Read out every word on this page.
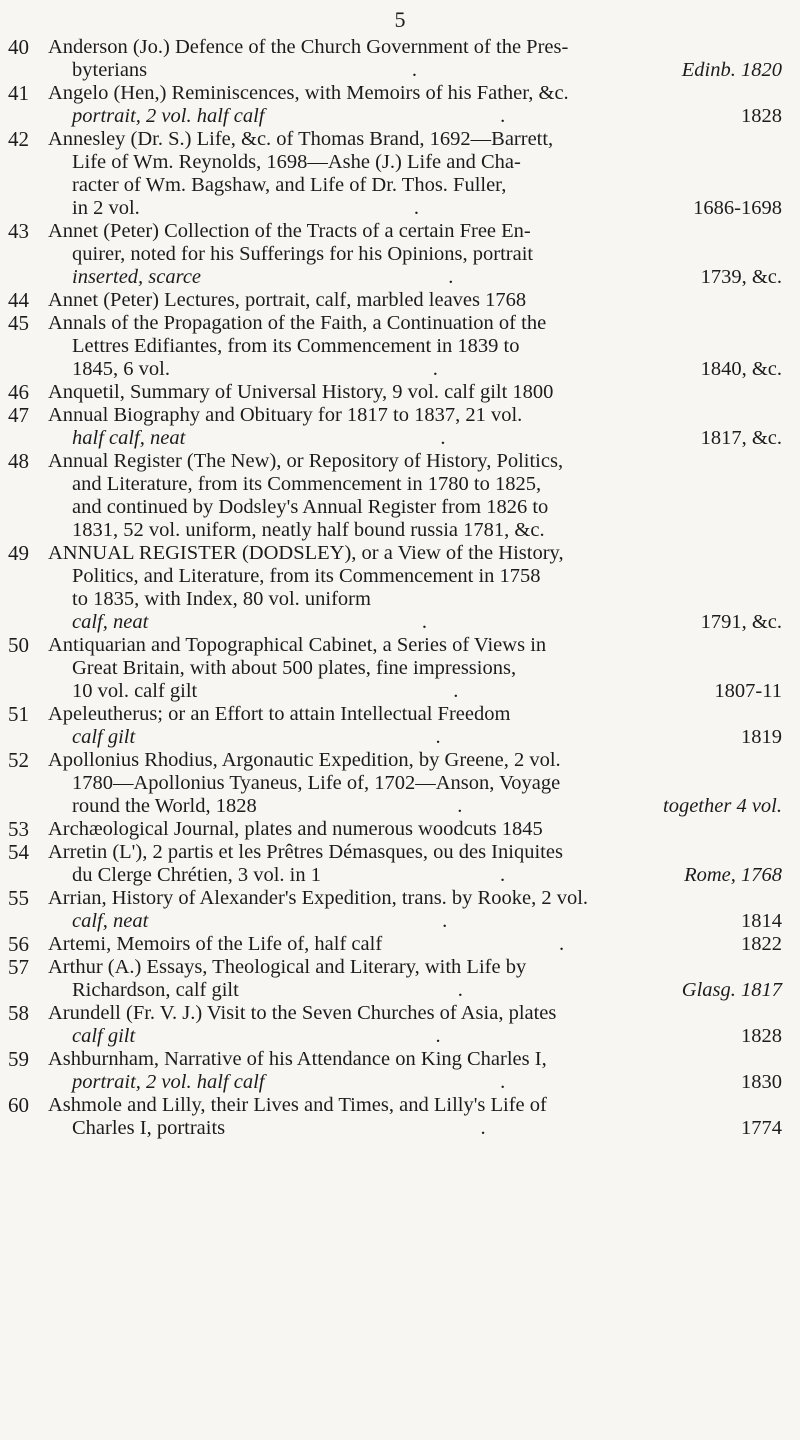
5
40 Anderson (Jo.) Defence of the Church Government of the Pres-
byterians	.	Edinb. 1820
41 Angelo (Hen,) Reminiscences, with Memoirs of his Father, &c.
portrait, 2 vol. half calf	.	1828
42 Annesley (Dr. S.) Life, &c. of Thomas Brand, 1692—Barrett,
Life of Wm. Reynolds, 1698—Ashe (J.) Life and Cha-
racter of Wm. Bagshaw, and Life of Dr. Thos. Fuller,
in 2 vol.	.	1686-1698
43 Annet (Peter) Collection of the Tracts of a certain Free En-
quirer, noted for his Sufferings for his Opinions, portrait
inserted, scarce	.	1739, &c.
44 Annet (Peter) Lectures, portrait, calf, marbled leaves 1768
45 Annals of the Propagation of the Faith, a Continuation of the
Lettres Edifiantes, from its Commencement in 1839 to
1845, 6 vol.	.	1840, &c.
46 Anquetil, Summary of Universal History, 9 vol. calf gilt 1800
47 Annual Biography and Obituary for 1817 to 1837, 21 vol.
half calf, neat	.	1817, &c.
48 Annual Register (The New), or Repository of History, Politics,
and Literature, from its Commencement in 1780 to 1825,
and continued by Dodsley's Annual Register from 1826 to
1831, 52 vol. uniform, neatly half bound russia 1781, &c.
49 ANNUAL REGISTER (DODSLEY), or a View of the History,
Politics, and Literature, from its Commencement in 1758
to 1835, with Index, 80 vol. uniform
calf, neat	.	1791, &c.
50 Antiquarian and Topographical Cabinet, a Series of Views in
Great Britain, with about 500 plates, fine impressions,
10 vol. calf gilt	.	1807-11
51 Apeleutherus; or an Effort to attain Intellectual Freedom
calf gilt	.	1819
52 Apollonius Rhodius, Argonautic Expedition, by Greene, 2 vol.
1780—Apollonius Tyaneus, Life of, 1702—Anson, Voyage
round the World, 1828	.	together 4 vol.
53 Archæological Journal, plates and numerous woodcuts 1845
54 Arretin (L'), 2 partis et les Prêtres Démasques, ou des Iniquites
du Clerge Chrétien, 3 vol. in 1	.	Rome, 1768
55 Arrian, History of Alexander's Expedition, trans. by Rooke, 2 vol.
calf, neat	.	1814
56 Artemi, Memoirs of the Life of, half calf	.	1822
57 Arthur (A.) Essays, Theological and Literary, with Life by
Richardson, calf gilt	.	Glasg. 1817
58 Arundell (Fr. V. J.) Visit to the Seven Churches of Asia, plates
calf gilt	.	1828
59 Ashburnham, Narrative of his Attendance on King Charles I,
portrait, 2 vol. half calf	.	1830
60 Ashmole and Lilly, their Lives and Times, and Lilly's Life of
Charles I, portraits	.	1774
